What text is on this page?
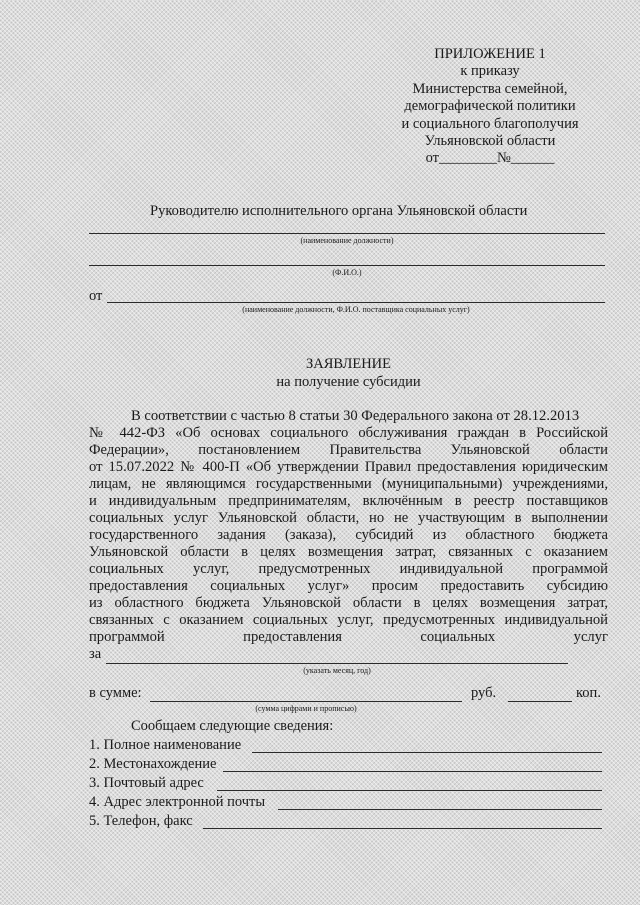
ПРИЛОЖЕНИЕ 1
к приказу
Министерства семейной,
демографической политики
и социального благополучия
Ульяновской области
от________№______
Руководителю исполнительного органа Ульяновской области
(наименование должности)
(Ф.И.О.)
от
(наименование должности, Ф.И.О. поставщика социальных услуг)
ЗАЯВЛЕНИЕ
на получение субсидии
В соответствии с частью 8 статьи 30 Федерального закона от 28.12.2013
№ 442-ФЗ «Об основах социального обслуживания граждан в Российской
Федерации», постановлением Правительства Ульяновской области
от 15.07.2022 № 400-П «Об утверждении Правил предоставления юридическим
лицам, не являющимся государственными (муниципальными) учреждениями,
и индивидуальным предпринимателям, включённым в реестр поставщиков
социальных услуг Ульяновской области, но не участвующим в выполнении
государственного задания (заказа), субсидий из областного бюджета
Ульяновской области в целях возмещения затрат, связанных с оказанием
социальных услуг, предусмотренных индивидуальной программой
предоставления социальных услуг» просим предоставить субсидию
из областного бюджета Ульяновской области в целях возмещения затрат,
связанных с оказанием социальных услуг, предусмотренных индивидуальной
программой предоставления социальных услуг
за
(указать месяц, год)
в сумме:	руб.	коп.
(сумма цифрами и прописью)
Сообщаем следующие сведения:
1. Полное наименование
2. Местонахождение
3. Почтовый адрес
4. Адрес электронной почты
5. Телефон, факс
